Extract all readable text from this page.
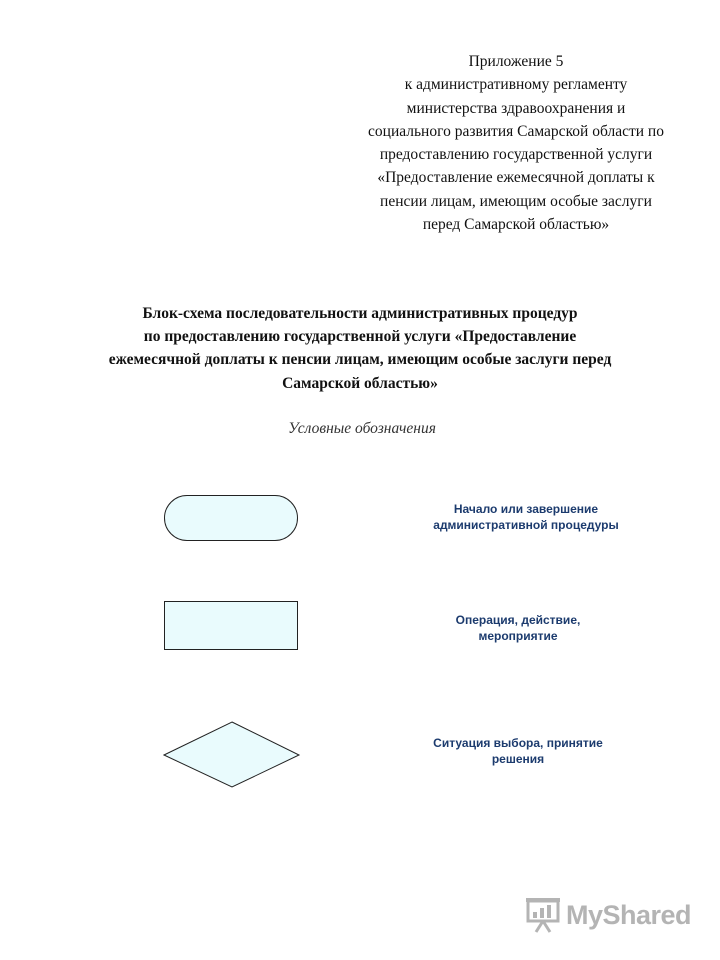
Приложение 5
к административному регламенту
министерства здравоохранения и
социального развития Самарской области по
предоставлению государственной услуги
«Предоставление ежемесячной доплаты к
пенсии лицам, имеющим особые заслуги
перед Самарской областью»
Блок-схема последовательности административных процедур
по предоставлению государственной услуги «Предоставление
ежемесячной доплаты к пенсии лицам, имеющим особые заслуги перед
Самарской областью»
Условные обозначения
Начало или завершение
административной процедуры
Операция, действие,
мероприятие
Ситуация выбора, принятие
решения
MyShared
